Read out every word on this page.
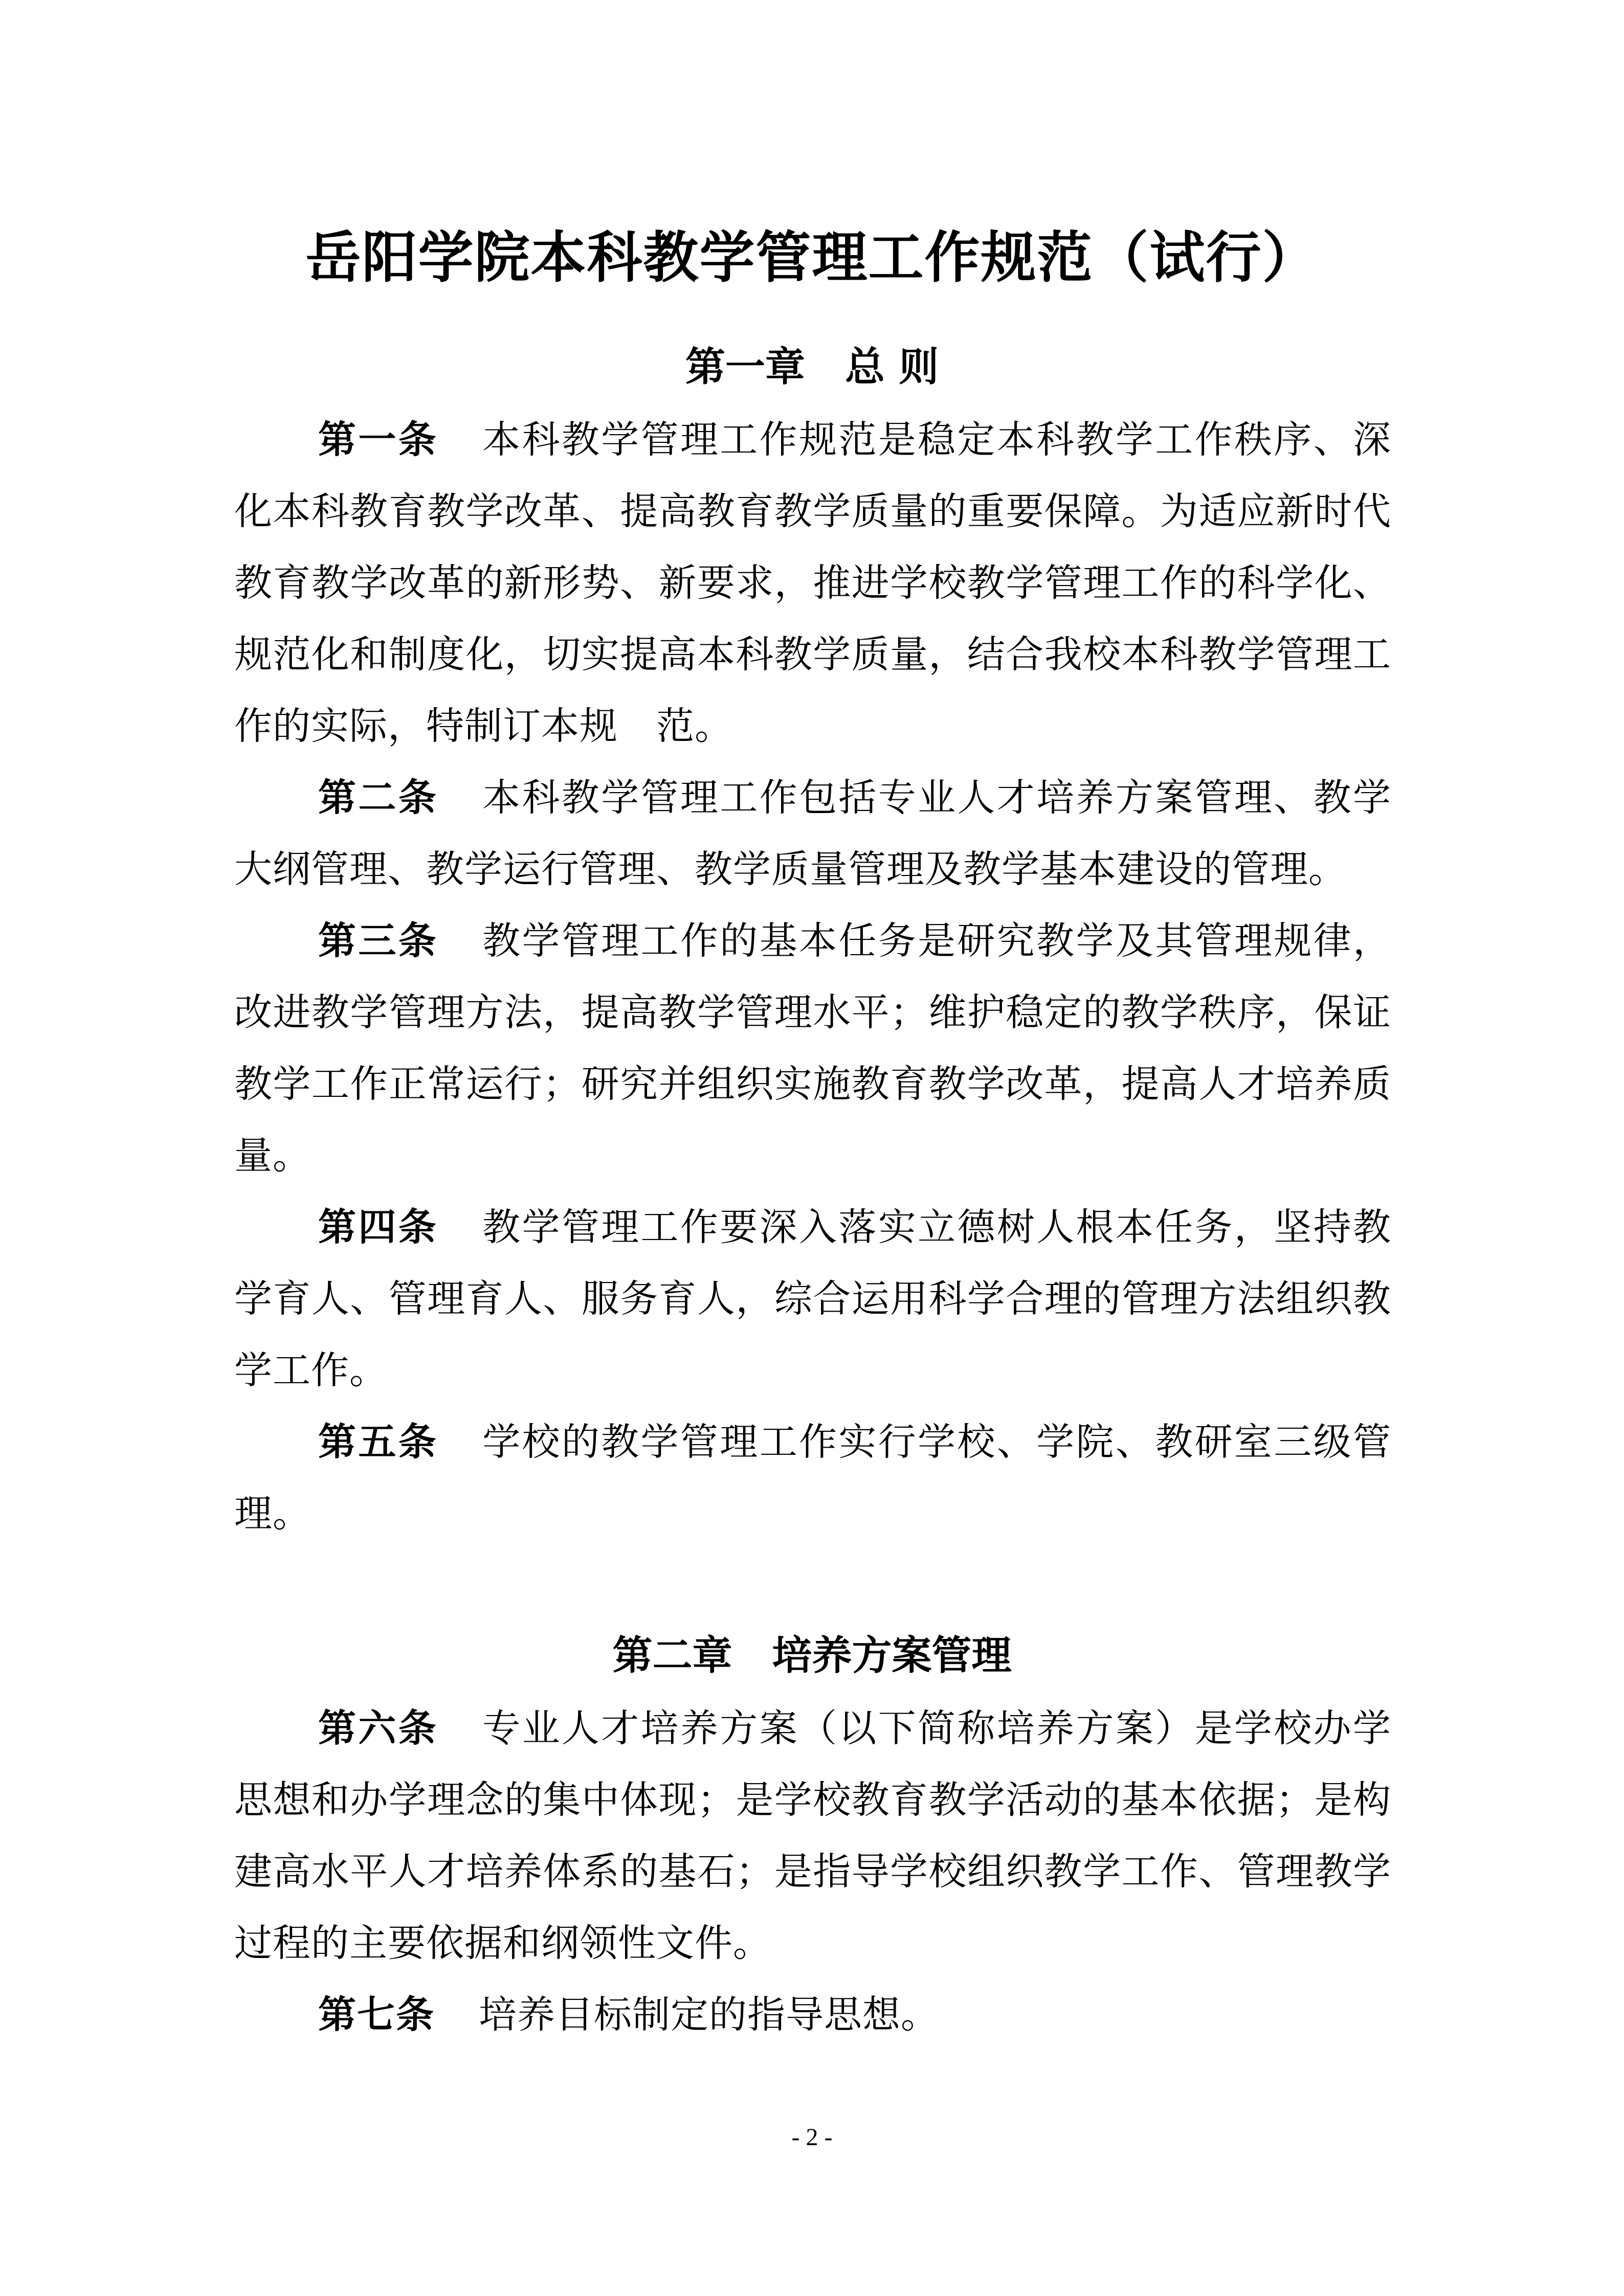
岳阳学院本科教学管理工作规范（试行）
第一章　总 则

第一条 本科教学管理工作规范是稳定本科教学工作秩序、深化本科教育教学改革、提高教育教学质量的重要保障。为适应新时代教育教学改革的新形势、新要求，推进学校教学管理工作的科学化、规范化和制度化，切实提高本科教学质量，结合我校本科教学管理工作的实际，特制订本规　范。

第二条 本科教学管理工作包括专业人才培养方案管理、教学大纲管理、教学运行管理、教学质量管理及教学基本建设的管理。

第三条 教学管理工作的基本任务是研究教学及其管理规律，改进教学管理方法，提高教学管理水平；维护稳定的教学秩序，保证教学工作正常运行；研究并组织实施教育教学改革，提高人才培养质量。

第四条 教学管理工作要深入落实立德树人根本任务，坚持教学育人、管理育人、服务育人，综合运用科学合理的管理方法组织教学工作。

第五条 学校的教学管理工作实行学校、学院、教研室三级管理。

第二章　培养方案管理

第六条 专业人才培养方案（以下简称培养方案）是学校办学思想和办学理念的集中体现；是学校教育教学活动的基本依据；是构建高水平人才培养体系的基石；是指导学校组织教学工作、管理教学过程的主要依据和纲领性文件。

第七条 培养目标制定的指导思想。

- 2 -
